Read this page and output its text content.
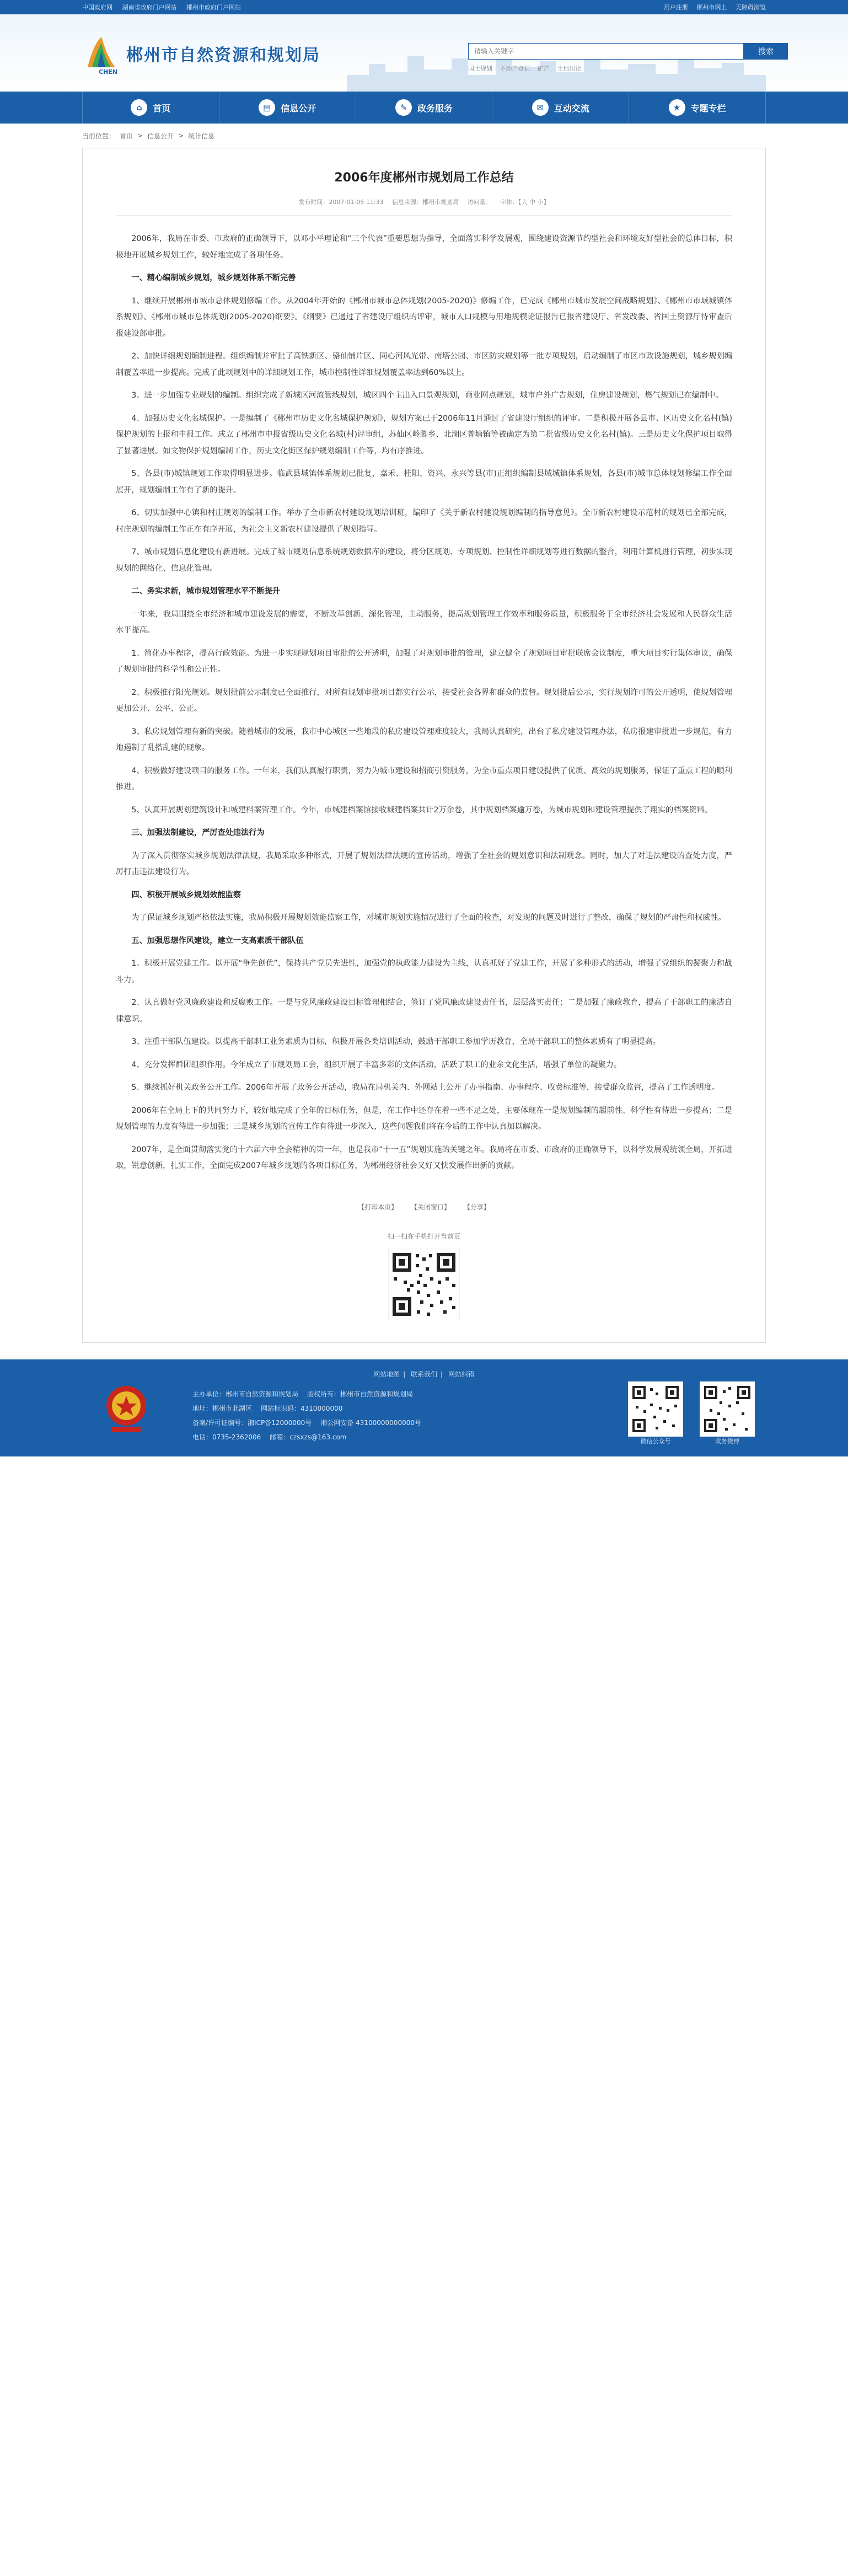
中国政府网 湖南省政府门户网站 郴州市政府门户网站	用户注册 郴州市网上 无障碍浏览
郴州市自然资源和规划局
CHEN
请输入关键字
搜索
国土规划 不动产登记 矿产 土地出让
⌂	首页	▤	信息公开	✎	政务服务	✉	互动交流	★	专题专栏
当前位置： 首页 > 信息公开 > 统计信息
2006年度郴州市规划局工作总结
发布时间：2007-01-05 11:33 信息来源：郴州市规划局 访问量： 字体：【大 中 小】

2006年，我局在市委、市政府的正确领导下，以邓小平理论和“三个代表”重要思想为指导，全面落实科学发展观，围绕建设资源节约型社会和环境友好型社会的总体目标，积极地开展城乡规划工作，较好地完成了各项任务。

一、精心编制城乡规划，城乡规划体系不断完善

1、继续开展郴州市城市总体规划修编工作。从2004年开始的《郴州市城市总体规划(2005-2020)》修编工作，已完成《郴州市城市发展空间战略规划》、《郴州市市域城镇体系规划》、《郴州市城市总体规划(2005-2020)纲要》。《纲要》已通过了省建设厅组织的评审，城市人口规模与用地规模论证报告已报省建设厅、省发改委、省国土资源厅待审查后报建设部审批。

2、加快详细规划编制进程。组织编制并审批了高铁新区、骆仙铺片区、同心河风光带、南塔公园、市区防灾规划等一批专项规划，启动编制了市区市政设施规划，城乡规划编制覆盖率进一步提高。完成了此项规划中的详细规划工作，城市控制性详细规划覆盖率达到60%以上。

3、进一步加强专业规划的编制。组织完成了新城区河流管线规划，城区四个主出入口景观规划，商业网点规划，城市户外广告规划，住房建设规划，燃气规划已在编制中。

4、加强历史文化名城保护。一是编制了《郴州市历史文化名城保护规划》，规划方案已于2006年11月通过了省建设厅组织的评审。二是积极开展各县市、区历史文化名村(镇)保护规划的上报和申报工作。成立了郴州市申报省级历史文化名城(村)评审组，苏仙区岭脚乡、北湖区普塘镇等被确定为第二批省级历史文化名村(镇)。三是历史文化保护项目取得了显著进展。如文物保护规划编制工作，历史文化街区保护规划编制工作等，均有序推进。

5、各县(市)城镇规划工作取得明显进步。临武县城镇体系规划已批复，嘉禾、桂阳、资兴、永兴等县(市)正组织编制县域城镇体系规划，各县(市)城市总体规划修编工作全面展开，规划编制工作有了新的提升。

6、切实加强中心镇和村庄规划的编制工作。举办了全市新农村建设规划培训班，编印了《关于新农村建设规划编制的指导意见》。全市新农村建设示范村的规划已全部完成，村庄规划的编制工作正在有序开展，为社会主义新农村建设提供了规划指导。

7、城市规划信息化建设有新进展。完成了城市规划信息系统规划数据库的建设，将分区规划、专项规划、控制性详细规划等进行数据的整合，利用计算机进行管理，初步实现规划的网络化、信息化管理。

二、务实求新，城市规划管理水平不断提升

一年来，我局围绕全市经济和城市建设发展的需要，不断改革创新，深化管理，主动服务，提高规划管理工作效率和服务质量，积极服务于全市经济社会发展和人民群众生活水平提高。

1、简化办事程序，提高行政效能。为进一步实现规划项目审批的公开透明，加强了对规划审批的管理，建立健全了规划项目审批联席会议制度，重大项目实行集体审议，确保了规划审批的科学性和公正性。

2、积极推行阳光规划。规划批前公示制度已全面推行，对所有规划审批项目都实行公示，接受社会各界和群众的监督。规划批后公示，实行规划许可的公开透明，使规划管理更加公开、公平、公正。

3、私房规划管理有新的突破。随着城市的发展，我市中心城区一些地段的私房建设管理难度较大，我局认真研究，出台了私房建设管理办法，私房报建审批进一步规范，有力地遏制了乱搭乱建的现象。

4、积极做好建设项目的服务工作。一年来，我们认真履行职责，努力为城市建设和招商引资服务，为全市重点项目建设提供了优质、高效的规划服务，保证了重点工程的顺利推进。

5、认真开展规划建筑设计和城建档案管理工作。今年，市城建档案馆接收城建档案共计2万余卷，其中规划档案逾万卷，为城市规划和建设管理提供了翔实的档案资料。

三、加强法制建设，严厉查处违法行为

为了深入贯彻落实城乡规划法律法规，我局采取多种形式，开展了规划法律法规的宣传活动，增强了全社会的规划意识和法制观念。同时，加大了对违法建设的查处力度，严厉打击违法建设行为。

四、积极开展城乡规划效能监察

为了保证城乡规划严格依法实施，我局积极开展规划效能监察工作，对城市规划实施情况进行了全面的检查，对发现的问题及时进行了整改，确保了规划的严肃性和权威性。

五、加强思想作风建设，建立一支高素质干部队伍

1、积极开展党建工作。以开展“争先创优”，保持共产党员先进性，加强党的执政能力建设为主线，认真抓好了党建工作，开展了多种形式的活动，增强了党组织的凝聚力和战斗力。

2、认真做好党风廉政建设和反腐败工作。一是与党风廉政建设目标管理相结合，签订了党风廉政建设责任书，层层落实责任；二是加强了廉政教育，提高了干部职工的廉洁自律意识。

3、注重干部队伍建设。以提高干部职工业务素质为目标，积极开展各类培训活动，鼓励干部职工参加学历教育，全局干部职工的整体素质有了明显提高。

4、充分发挥群团组织作用。今年成立了市规划局工会，组织开展了丰富多彩的文体活动，活跃了职工的业余文化生活，增强了单位的凝聚力。

5、继续抓好机关政务公开工作。2006年开展了政务公开活动，我局在局机关内、外网站上公开了办事指南、办事程序、收费标准等，接受群众监督，提高了工作透明度。

2006年在全局上下的共同努力下，较好地完成了全年的目标任务，但是，在工作中还存在着一些不足之处，主要体现在一是规划编制的超前性、科学性有待进一步提高；二是规划管理的力度有待进一步加强；三是城乡规划的宣传工作有待进一步深入，这些问题我们将在今后的工作中认真加以解决。

2007年，是全面贯彻落实党的十六届六中全会精神的第一年，也是我市“十一五”规划实施的关键之年。我局将在市委、市政府的正确领导下，以科学发展观统领全局，开拓进取，锐意创新，扎实工作，全面完成2007年城乡规划的各项目标任务，为郴州经济社会又好又快发展作出新的贡献。

【打印本页】 【关闭窗口】 【分享】
扫一扫在手机打开当前页
网站地图 | 联系我们 | 网站纠错
主办单位：郴州市自然资源和规划局 版权所有：郴州市自然资源和规划局
地址：郴州市北湖区 网站标识码：4310000000
备案/许可证编号：湘ICP备12000000号 湘公网安备 43100000000000号
电话：0735-2362006 邮箱：czsxzs@163.com
微信公众号	政务微博
